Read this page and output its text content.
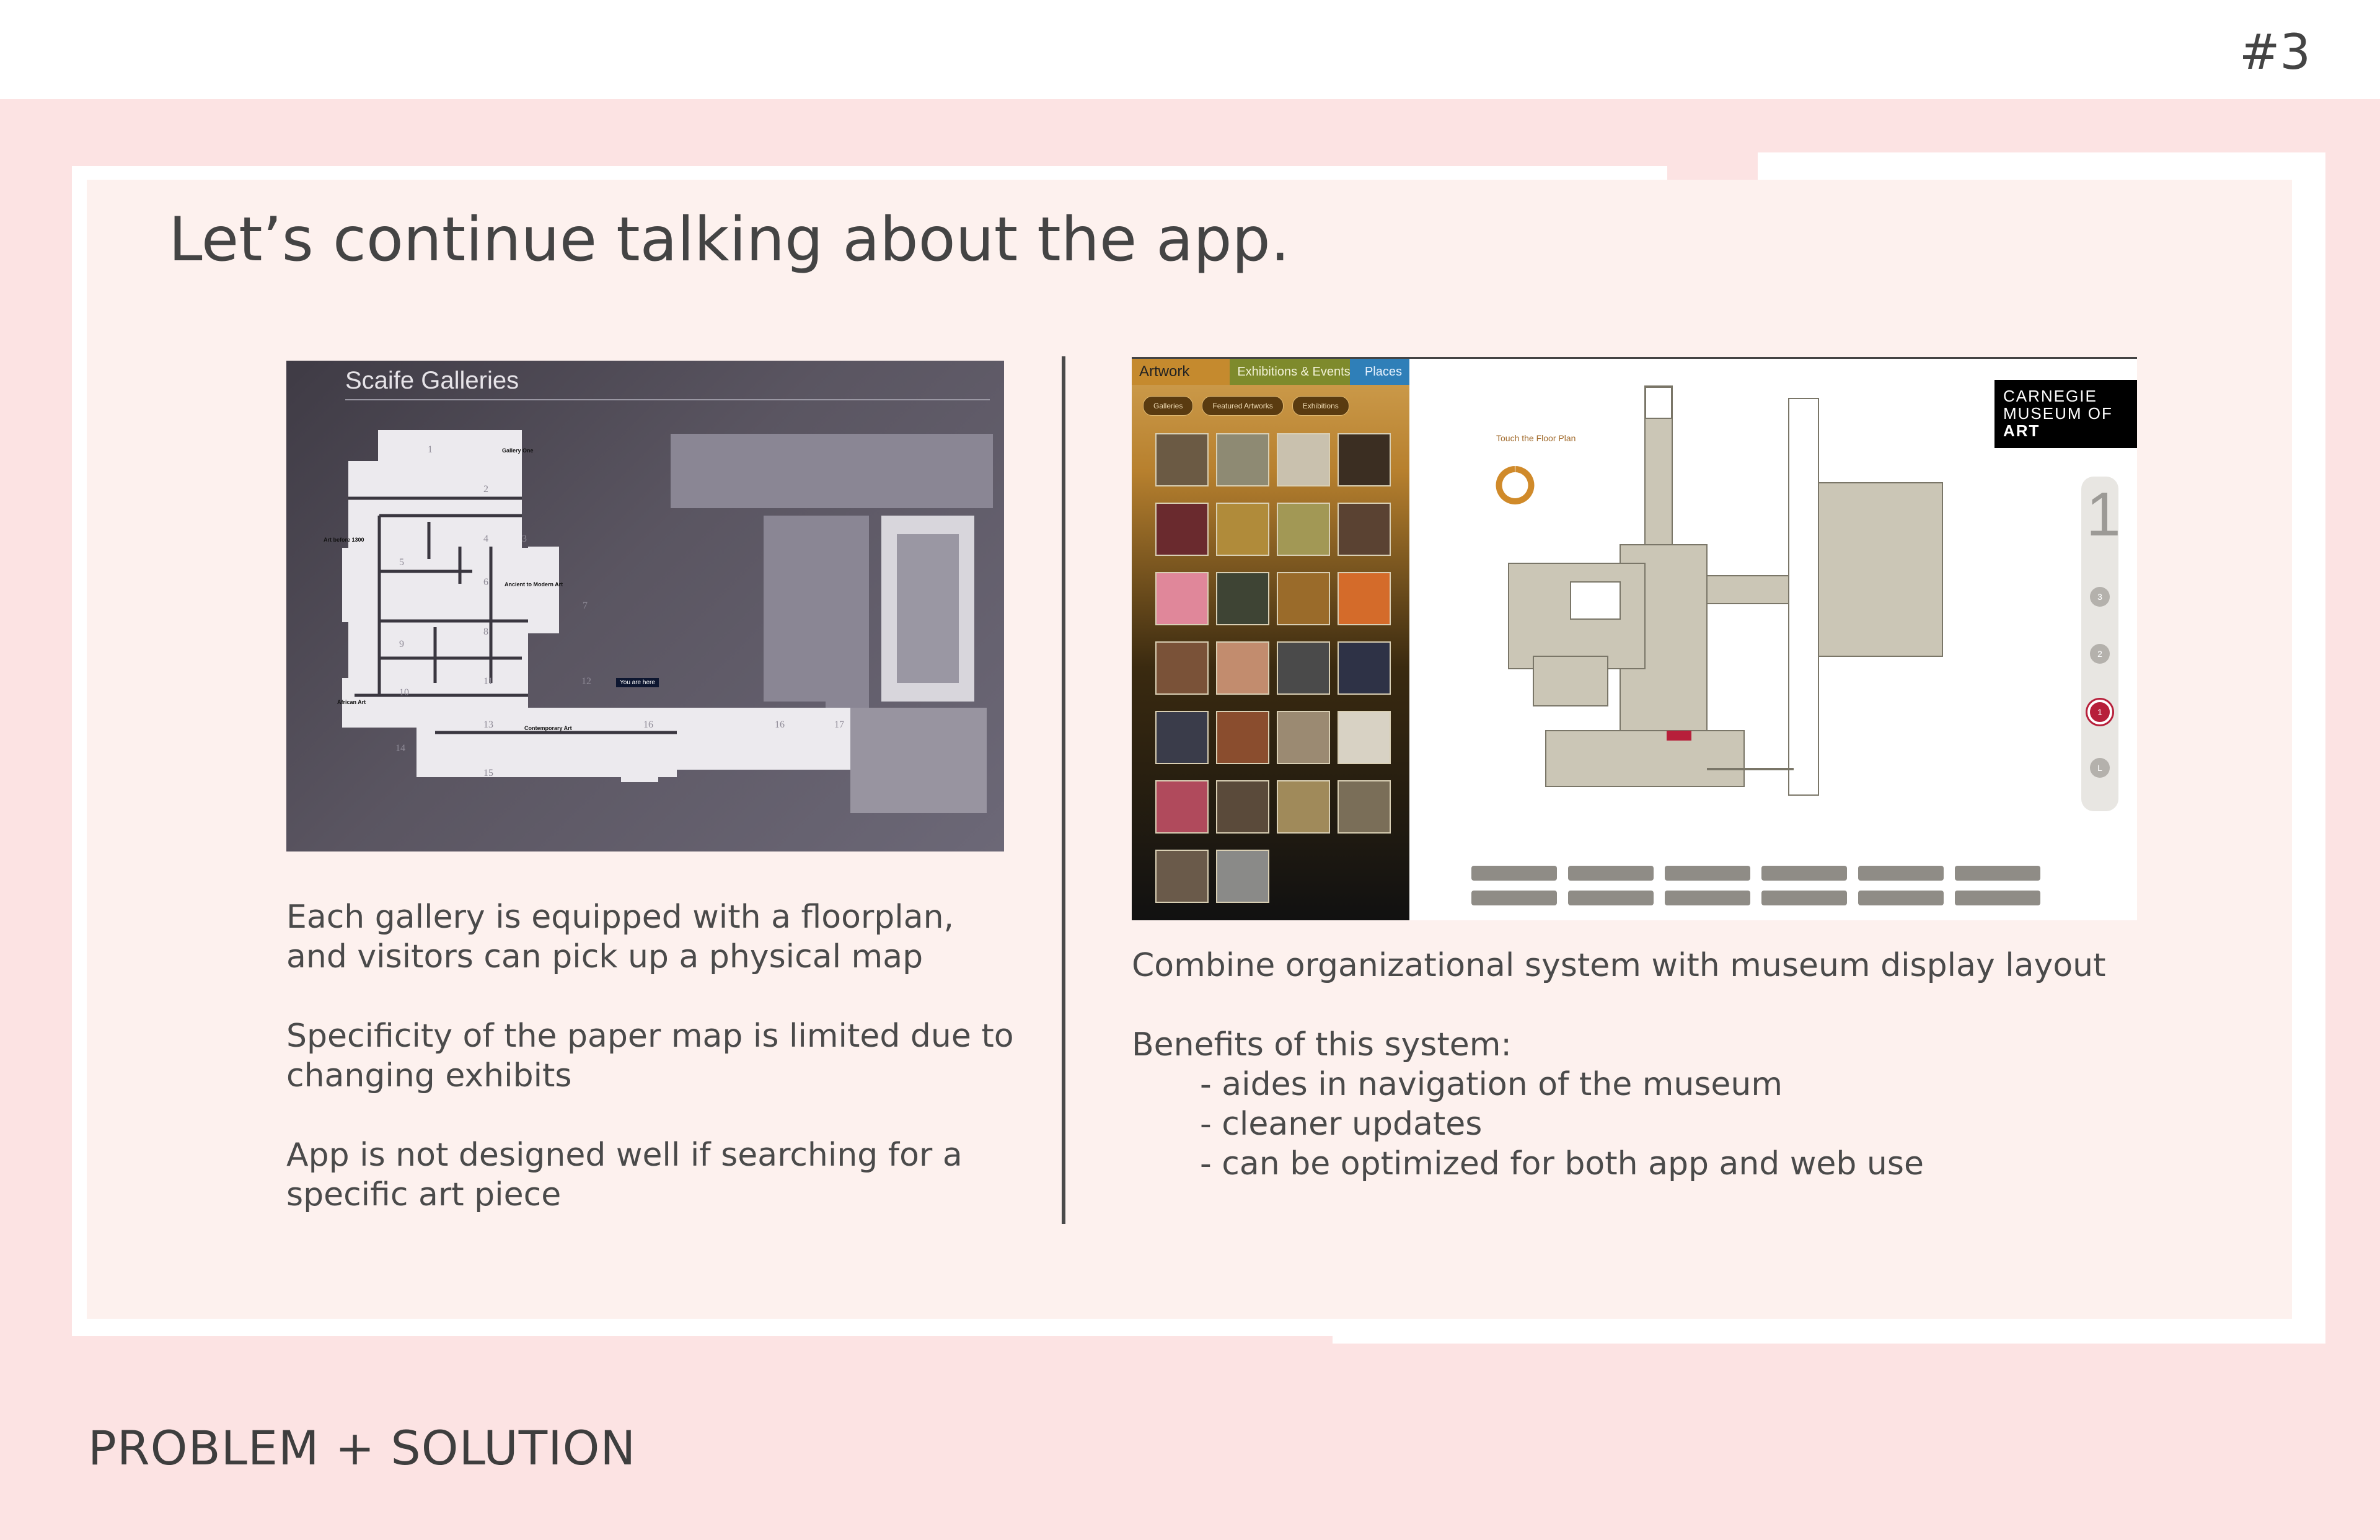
#3
Let’s continue talking about the app.
Scaife Galleries
1
2
4	3
5
6
7
8
9
11
10
12
13
14
15
16	16	17
Gallery One
Art before 1300
Ancient to Modern Art
African Art
Contemporary Art
You are here

Each gallery is equipped with a floorplan, and visitors can pick up a physical map

Specificity of the paper map is limited due to changing exhibits

App is not designed well if searching for a specific art piece

Artwork	Exhibitions & Events	Places
Galleries	Featured Artworks	Exhibitions
Touch the Floor Plan
CARNEGIE
MUSEUM OF
ART
1
3
2
1
L

Combine organizational system with museum display layout

Benefits of this system:

- aides in navigation of the museum

- cleaner updates

- can be optimized for both app and web use

PROBLEM + SOLUTION
